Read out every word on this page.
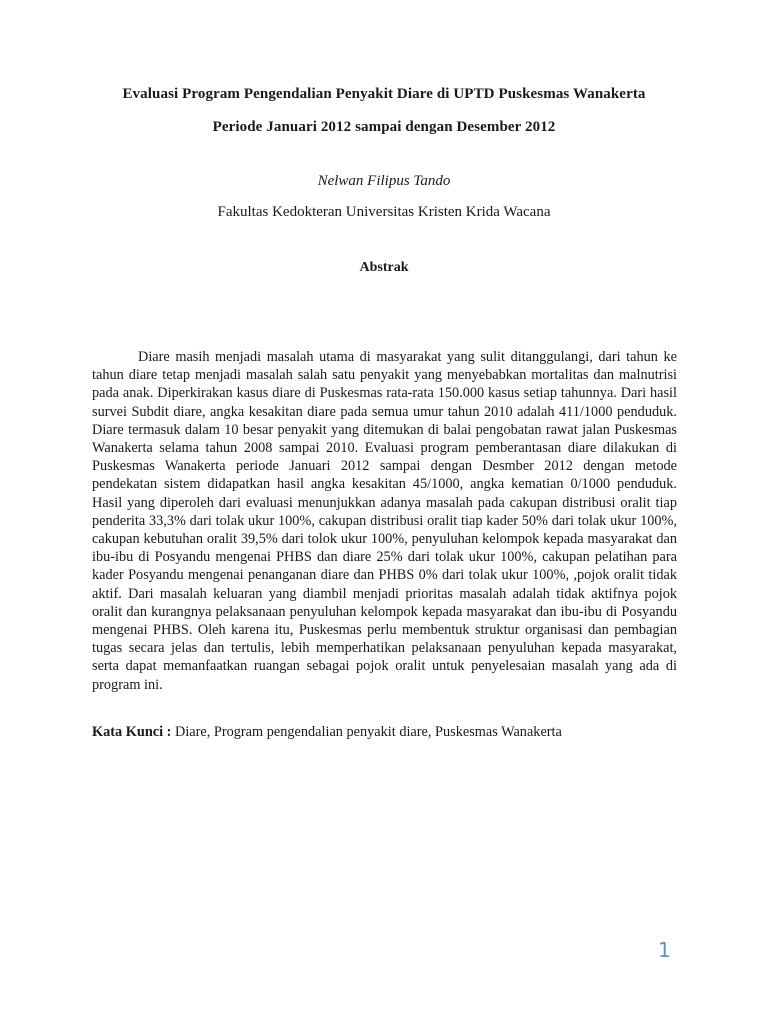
Evaluasi Program Pengendalian Penyakit Diare di UPTD Puskesmas Wanakerta
Periode Januari 2012 sampai dengan Desember 2012
Nelwan Filipus Tando
Fakultas Kedokteran Universitas Kristen Krida Wacana
Abstrak

Diare masih menjadi masalah utama di masyarakat yang sulit ditanggulangi, dari tahun ke tahun diare tetap menjadi masalah salah satu penyakit yang menyebabkan mortalitas dan malnutrisi pada anak. Diperkirakan kasus diare di Puskesmas rata-rata 150.000 kasus setiap tahunnya. Dari hasil survei Subdit diare, angka kesakitan diare pada semua umur tahun 2010 adalah 411/1000 penduduk. Diare termasuk dalam 10 besar penyakit yang ditemukan di balai pengobatan rawat jalan Puskesmas Wanakerta selama tahun 2008 sampai 2010. Evaluasi program pemberantasan diare dilakukan di Puskesmas Wanakerta periode Januari 2012 sampai dengan Desmber 2012 dengan metode pendekatan sistem didapatkan hasil angka kesakitan 45/1000, angka kematian 0/1000 penduduk. Hasil yang diperoleh dari evaluasi menunjukkan adanya masalah pada cakupan distribusi oralit tiap penderita 33,3% dari tolak ukur 100%, cakupan distribusi oralit tiap kader 50% dari tolak ukur 100%, cakupan kebutuhan oralit 39,5% dari tolok ukur 100%, penyuluhan kelompok kepada masyarakat dan ibu-ibu di Posyandu mengenai PHBS dan diare 25% dari tolak ukur 100%, cakupan pelatihan para kader Posyandu mengenai penanganan diare dan PHBS 0% dari tolak ukur 100%, ,pojok oralit tidak aktif. Dari masalah keluaran yang diambil menjadi prioritas masalah adalah tidak aktifnya pojok oralit dan kurangnya pelaksanaan penyuluhan kelompok kepada masyarakat dan ibu-ibu di Posyandu mengenai PHBS. Oleh karena itu, Puskesmas perlu membentuk struktur organisasi dan pembagian tugas secara jelas dan tertulis, lebih memperhatikan pelaksanaan penyuluhan kepada masyarakat, serta dapat memanfaatkan ruangan sebagai pojok oralit untuk penyelesaian masalah yang ada di program ini.

Kata Kunci : Diare, Program pengendalian penyakit diare, Puskesmas Wanakerta

1
